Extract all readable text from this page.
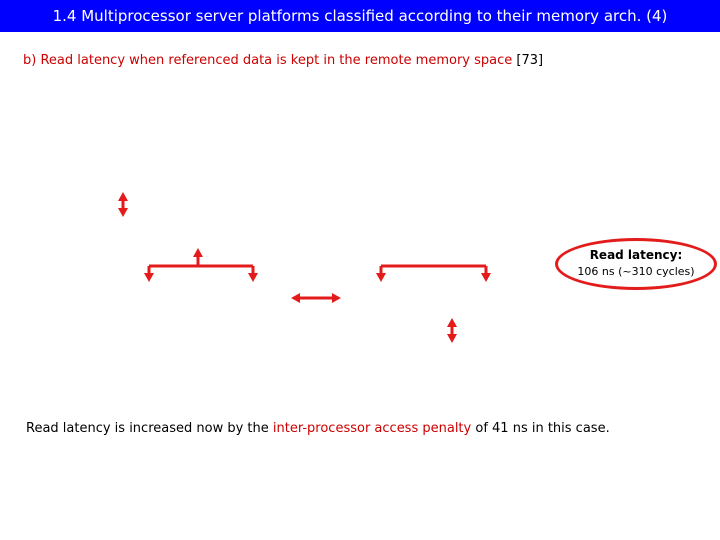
1.4 Multiprocessor server platforms classified according to their memory arch. (4)
b) Read latency when referenced data is kept in the remote memory space [73]
Read latency:
106 ns (~310 cycles)
Read latency is increased now by the inter-processor access penalty of 41 ns in this case.
